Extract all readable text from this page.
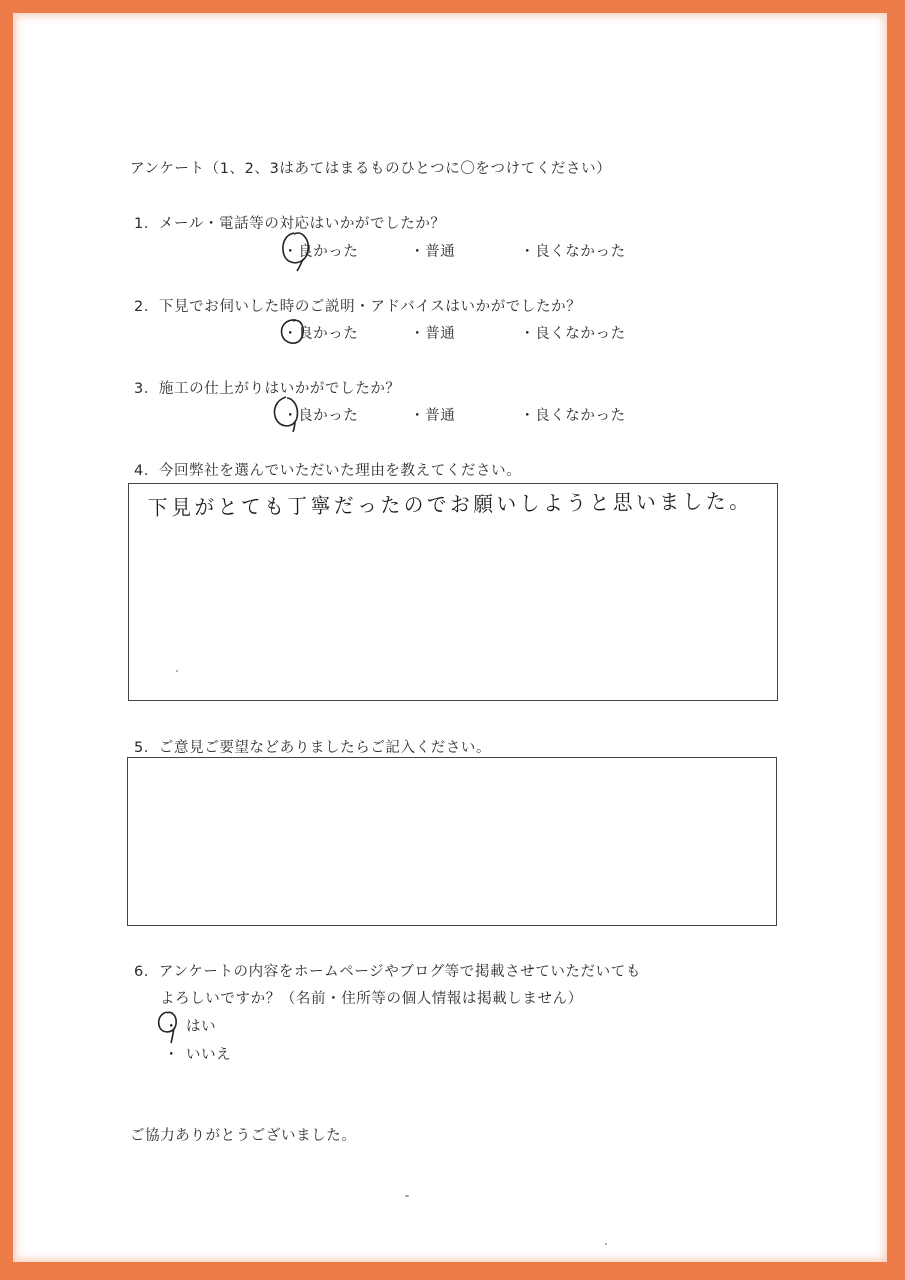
アンケート（1、2、3はあてはまるものひとつに〇をつけてください）
1．メール・電話等の対応はいかがでしたか？
・良かった	・普通	・良くなかった
2．下見でお伺いした時のご説明・アドバイスはいかがでしたか？
・良かった	・普通	・良くなかった
3．施工の仕上がりはいかがでしたか？
・良かった	・普通	・良くなかった
4．今回弊社を選んでいただいた理由を教えてください。
下見がとても丁寧だったのでお願いしようと思いました。
5．ご意見ご要望などありましたらご記入ください。
6．アンケートの内容をホームページやブログ等で掲載させていただいても
よろしいですか？（名前・住所等の個人情報は掲載しません）
・ はい
・ いいえ
ご協力ありがとうございました。
